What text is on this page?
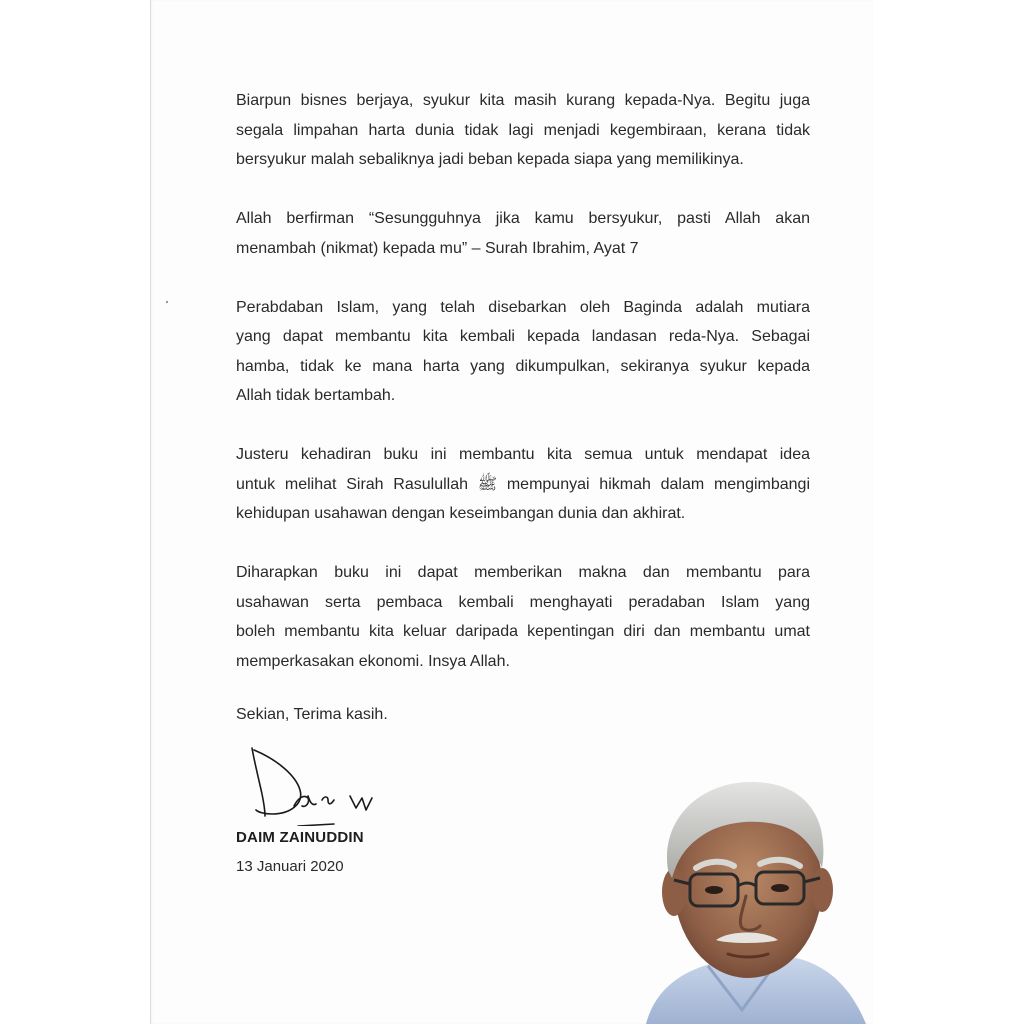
Biarpun bisnes berjaya, syukur kita masih kurang kepada-Nya. Begitu juga
segala limpahan harta dunia tidak lagi menjadi kegembiraan, kerana tidak
bersyukur malah sebaliknya jadi beban kepada siapa yang memilikinya.

Allah berfirman “Sesungguhnya jika kamu bersyukur, pasti Allah akan
menambah (nikmat) kepada mu” – Surah Ibrahim, Ayat 7

Perabdaban Islam, yang telah disebarkan oleh Baginda adalah mutiara
yang dapat membantu kita kembali kepada landasan reda-Nya. Sebagai
hamba, tidak ke mana harta yang dikumpulkan, sekiranya syukur kepada
Allah tidak bertambah.

Justeru kehadiran buku ini membantu kita semua untuk mendapat idea
untuk melihat Sirah Rasulullah ﷺ mempunyai hikmah dalam mengimbangi
kehidupan usahawan dengan keseimbangan dunia dan akhirat.

Diharapkan buku ini dapat memberikan makna dan membantu para
usahawan serta pembaca kembali menghayati peradaban Islam yang
boleh membantu kita keluar daripada kepentingan diri dan membantu umat
memperkasakan ekonomi. Insya Allah.

Sekian, Terima kasih.
DAIM ZAINUDDIN
13 Januari 2020
